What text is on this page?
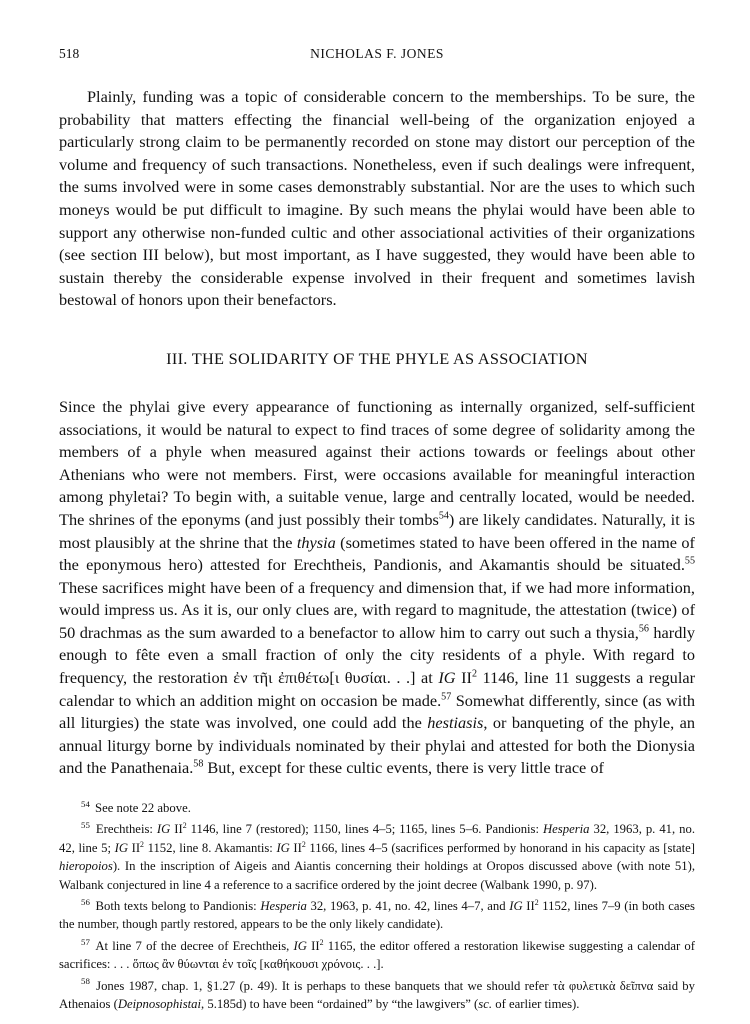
518	NICHOLAS F. JONES

Plainly, funding was a topic of considerable concern to the memberships. To be sure, the probability that matters effecting the financial well-being of the organization enjoyed a particularly strong claim to be permanently recorded on stone may distort our perception of the volume and frequency of such transactions. Nonetheless, even if such dealings were infrequent, the sums involved were in some cases demonstrably substantial. Nor are the uses to which such moneys would be put difficult to imagine. By such means the phylai would have been able to support any otherwise non-funded cultic and other associational activities of their organizations (see section III below), but most important, as I have suggested, they would have been able to sustain thereby the considerable expense involved in their frequent and sometimes lavish bestowal of honors upon their benefactors.

III. THE SOLIDARITY OF THE PHYLE AS ASSOCIATION

Since the phylai give every appearance of functioning as internally organized, self-sufficient associations, it would be natural to expect to find traces of some degree of solidarity among the members of a phyle when measured against their actions towards or feelings about other Athenians who were not members. First, were occasions available for meaningful interaction among phyletai? To begin with, a suitable venue, large and centrally located, would be needed. The shrines of the eponyms (and just possibly their tombs$^{54}$) are likely candidates. Naturally, it is most plausibly at the shrine that the thysia (sometimes stated to have been offered in the name of the eponymous hero) attested for Erechtheis, Pandionis, and Akamantis should be situated.$^{55}$ These sacrifices might have been of a frequency and dimension that, if we had more information, would impress us. As it is, our only clues are, with regard to magnitude, the attestation (twice) of 50 drachmas as the sum awarded to a benefactor to allow him to carry out such a thysia,$^{56}$ hardly enough to fête even a small fraction of only the city residents of a phyle. With regard to frequency, the restoration ἐν τῆι ἐπιθέτω[ι θυσίαι. . .] at IG $II^2$ 1146, line 11 suggests a regular calendar to which an addition might on occasion be made.$^{57}$ Somewhat differently, since (as with all liturgies) the state was involved, one could add the hestiasis, or banqueting of the phyle, an annual liturgy borne by individuals nominated by their phylai and attested for both the Dionysia and the Panathenaia.$^{58}$ But, except for these cultic events, there is very little trace of

$^{54}$ See note 22 above.

$^{55}$ Erechtheis: IG $II^2$ 1146, line 7 (restored); 1150, lines 4–5; 1165, lines 5–6. Pandionis: Hesperia 32, 1963, p. 41, no. 42, line 5; IG $II^2$ 1152, line 8. Akamantis: IG $II^2$ 1166, lines 4–5 (sacrifices performed by honorand in his capacity as [state] hieropoios). In the inscription of Aigeis and Aiantis concerning their holdings at Oropos discussed above (with note 51), Walbank conjectured in line 4 a reference to a sacrifice ordered by the joint decree (Walbank 1990, p. 97).

$^{56}$ Both texts belong to Pandionis: Hesperia 32, 1963, p. 41, no. 42, lines 4–7, and IG $II^2$ 1152, lines 7–9 (in both cases the number, though partly restored, appears to be the only likely candidate).

$^{57}$ At line 7 of the decree of Erechtheis, IG $II^2$ 1165, the editor offered a restoration likewise suggesting a calendar of sacrifices: . . . ὅπως ἂν θύωνται ἐν τοῖς [καθήκουσι χρόνοις. . .].

$^{58}$ Jones 1987, chap. 1, §1.27 (p. 49). It is perhaps to these banquets that we should refer τὰ φυλετικὰ δεῖπνα said by Athenaios (Deipnosophistai, 5.185d) to have been “ordained” by “the lawgivers” (sc. of earlier times).
